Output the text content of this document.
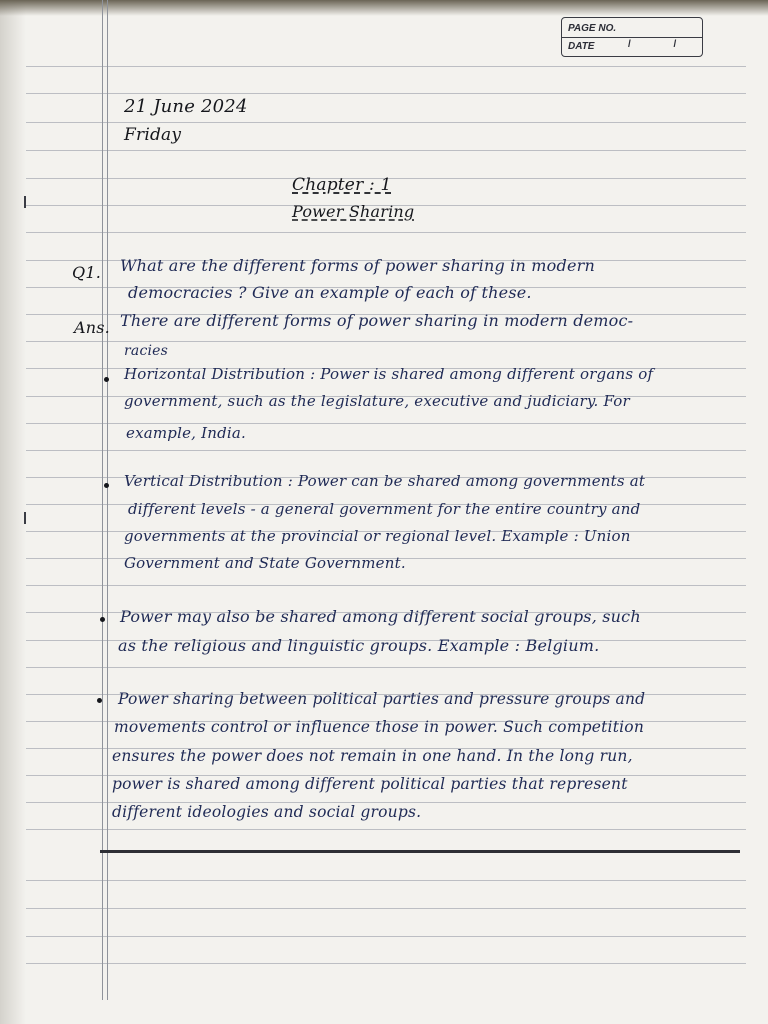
PAGE NO.
DATE	/ /
21 June 2024
Friday
Chapter : 1
Power Sharing
Q1. What are the different forms of power sharing in modern
democracies ? Give an example of each of these.
Ans. There are different forms of power sharing in modern democ-
racies
Horizontal Distribution : Power is shared among different organs of
government, such as the legislature, executive and judiciary. For
example, India.
Vertical Distribution : Power can be shared among governments at
different levels - a general government for the entire country and
governments at the provincial or regional level. Example : Union
Government and State Government.
Power may also be shared among different social groups, such
as the religious and linguistic groups. Example : Belgium.
Power sharing between political parties and pressure groups and
movements control or influence those in power. Such competition
ensures the power does not remain in one hand. In the long run,
power is shared among different political parties that represent
different ideologies and social groups.
